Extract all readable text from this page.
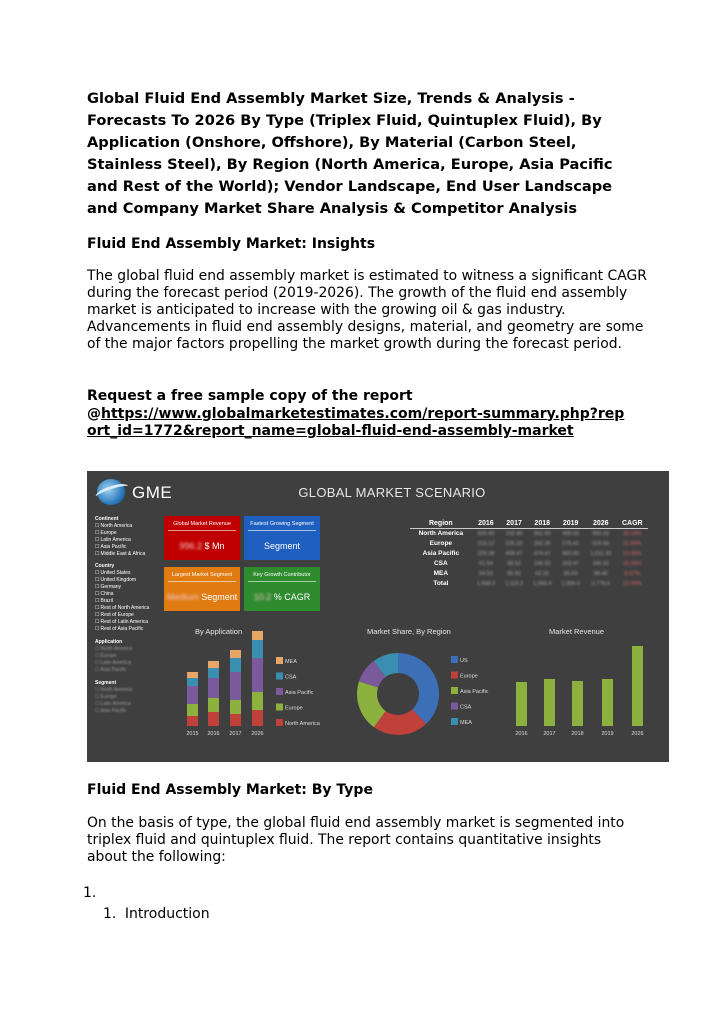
Global Fluid End Assembly Market Size, Trends & Analysis - Forecasts To 2026 By Type (Triplex Fluid, Quintuplex Fluid), By Application (Onshore, Offshore), By Material (Carbon Steel, Stainless Steel), By Region (North America, Europe, Asia Pacific and Rest of the World); Vendor Landscape, End User Landscape and Company Market Share Analysis & Competitor Analysis
Fluid End Assembly Market: Insights
The global fluid end assembly market is estimated to witness a significant CAGR during the forecast period (2019-2026). The growth of the fluid end assembly market is anticipated to increase with the growing oil & gas industry. Advancements in fluid end assembly designs, material, and geometry are some of the major factors propelling the market growth during the forecast period.
Request a free sample copy of the report
@https://www.globalmarketestimates.com/report-summary.php?report_id=1772&report_name=global-fluid-end-assembly-market
GME	GLOBAL MARKET SCENARIO
Continent
☐ North America
☐ Europe
☐ Latin America
☐ Asia Pacific
☐ Middle East & Africa
Country
☐ United States
☐ United Kingdom
☐ Germany
☐ China
☐ Brazil
☐ Rest of North America
☐ Rest of Europe
☐ Rest of Latin America
☐ Rest of Asia Pacific
Application
☐ North America
☐ Europe
☐ Latin America
☐ Asia Pacific
Segment
☐ North America
☐ Europe
☐ Latin America
☐ Asia Pacific
Global Market Revenue
996.2 $ Mn
Fastest Growing Segment
Segment
Largest Market Segment
Medium Segment
Key Growth Contributor
10.2 % CAGR
Region	2016	2017	2018	2019	2026	CAGR
North America	500.40	232.40	261.00	400.33	650.33	10.18%
Europe	219.12	225.33	252.26	276.41	515.50	11.00%
Asia Pacific	229.28	408.47	474.47	560.90	1,011.33	13.00%
CSA	61.54	68.52	100.32	103.47	165.41	15.39%
MEA	54.93	56.91	62.22	65.63	98.40	8.67%
Total	1,668.3	1,119.3	1,266.4	1,359.4	2,776.6	12.00%
By Application	Market Share, By Region	Market Revenue
2015 2016 2017 2026
MEA
CSA
Asia Pacific
Europe
North America
US
Europe
Asia Pacific
CSA
MEA
2016	2017	2018	2019	2026
Fluid End Assembly Market: By Type
On the basis of type, the global fluid end assembly market is segmented into triplex fluid and quintuplex fluid. The report contains quantitative insights about the following:
1.
1. Introduction
